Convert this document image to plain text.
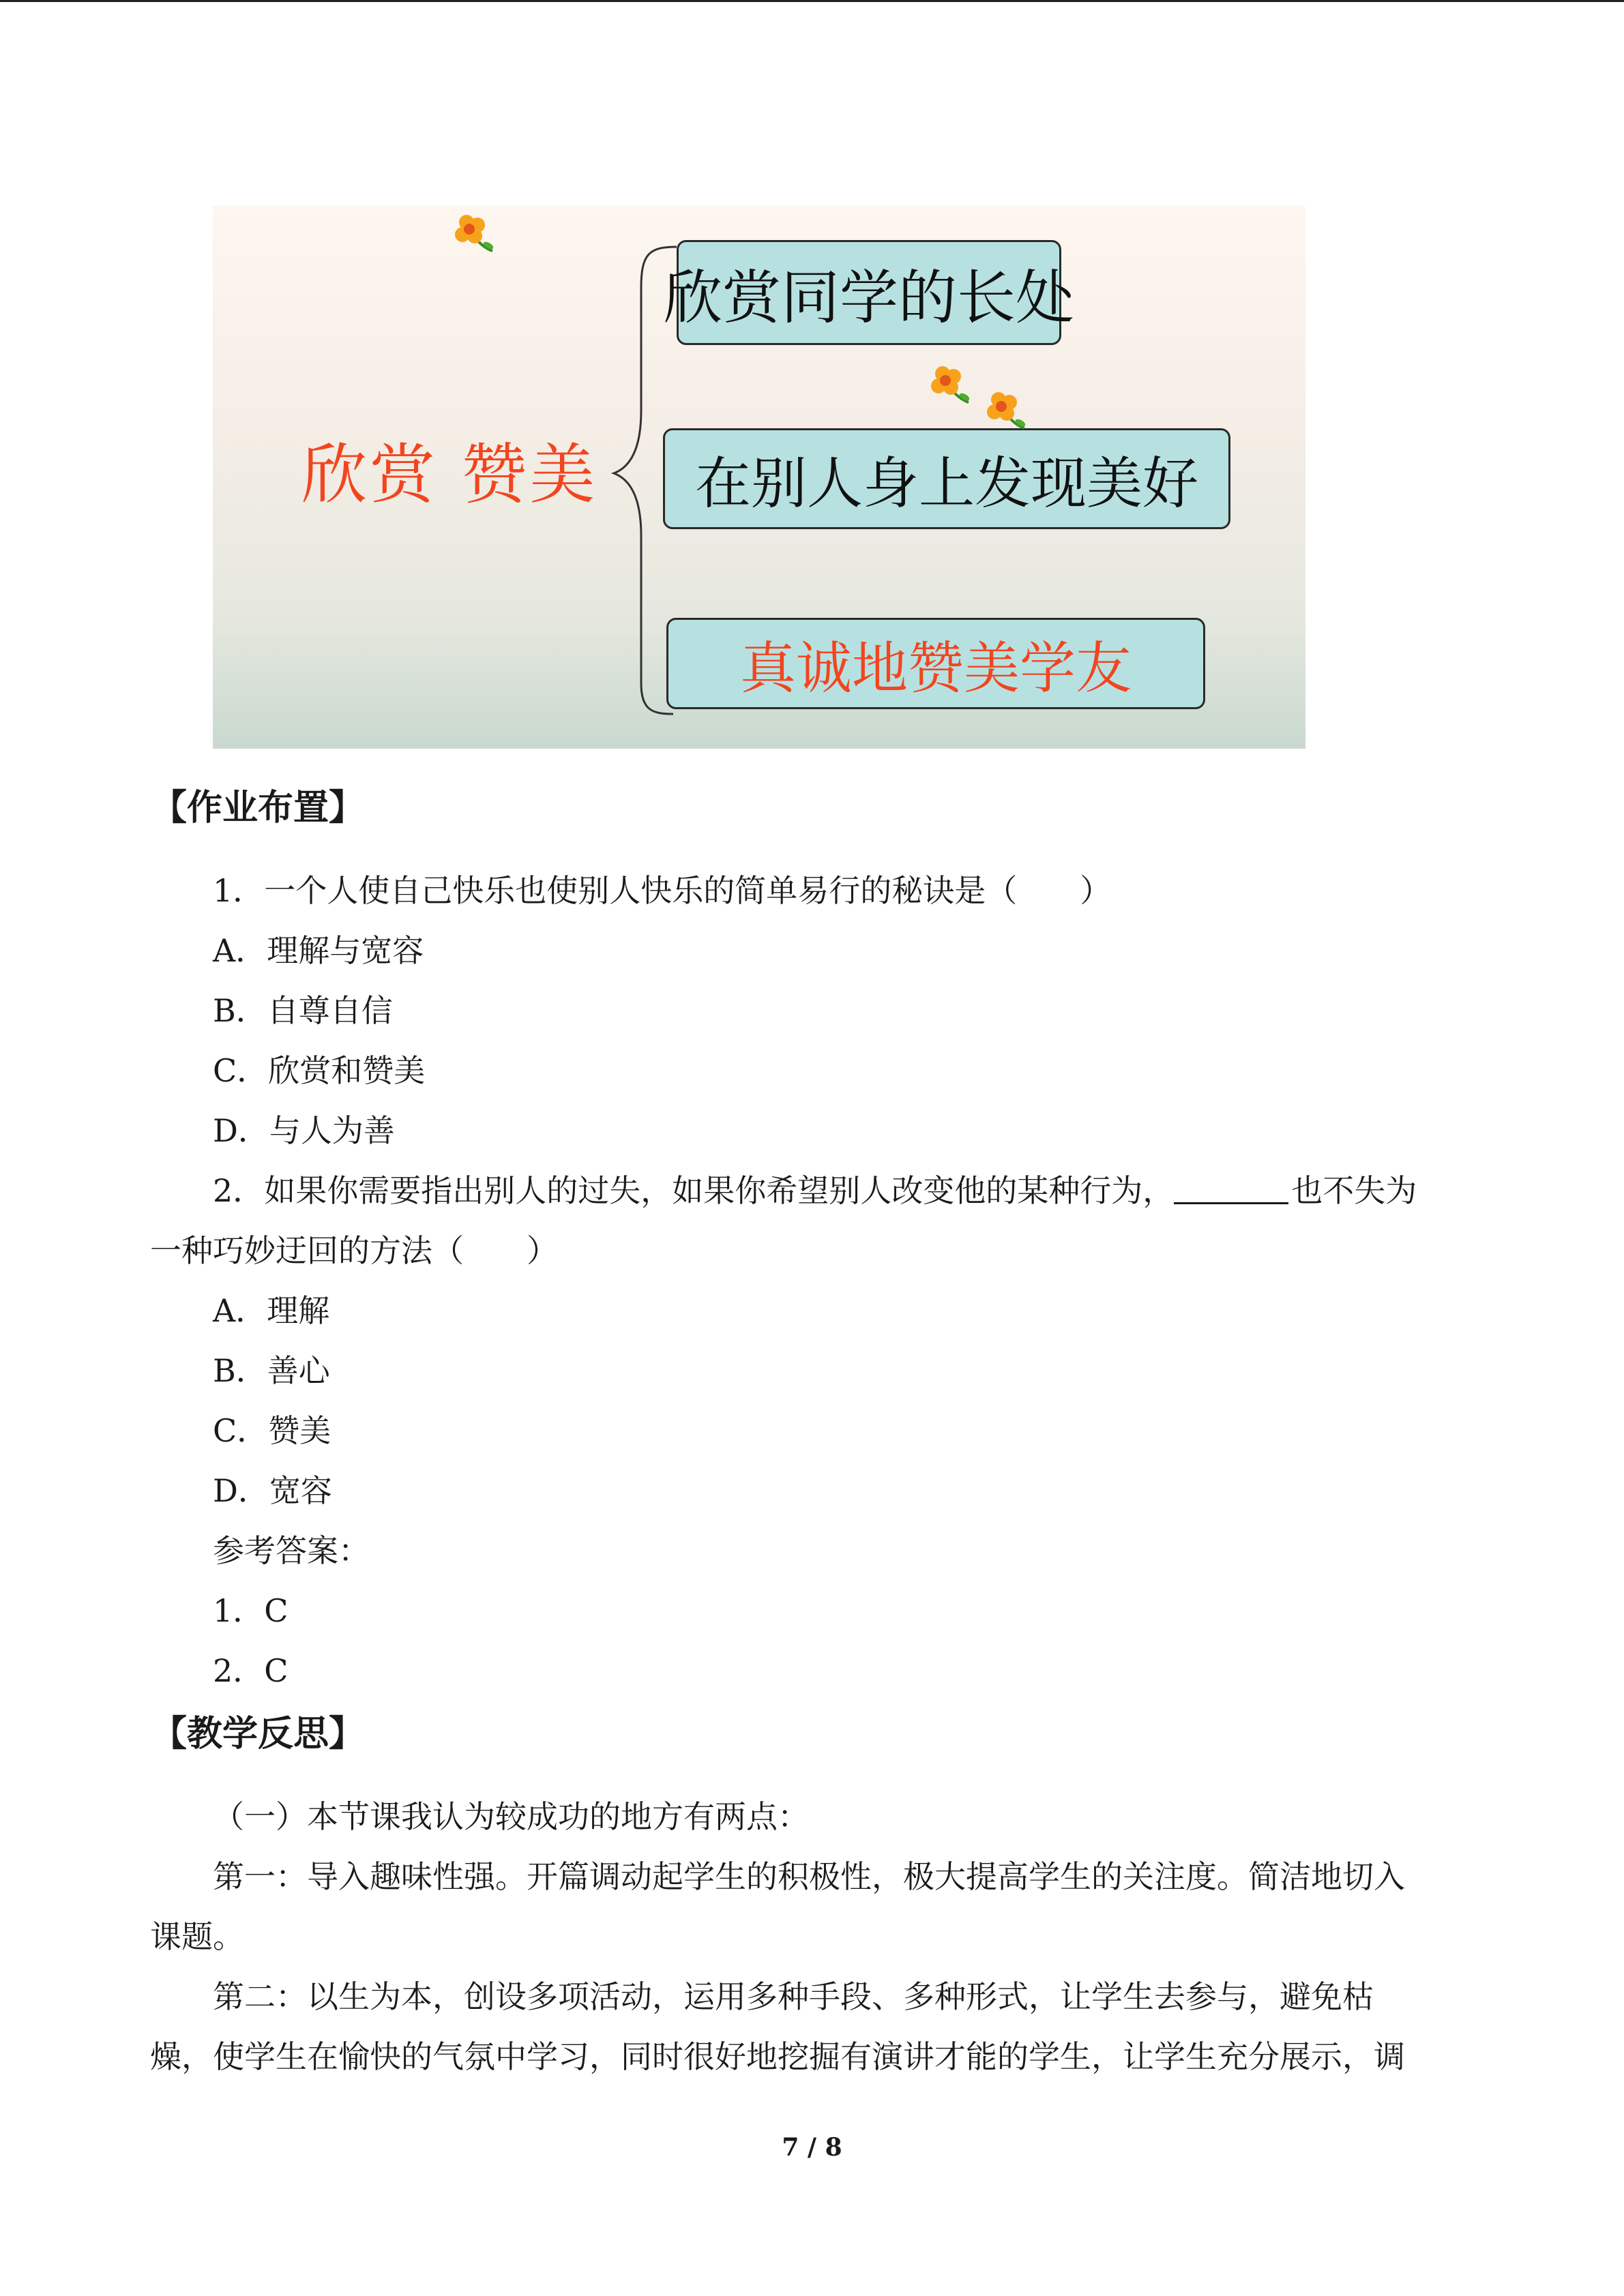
欣赏 赞美
欣赏同学的长处
在别人身上发现美好
真诚地赞美学友
【作业布置】
1．一个人使自己快乐也使别人快乐的简单易行的秘诀是（　　）
A．理解与宽容
B．自尊自信
C．欣赏和赞美
D．与人为善
2．如果你需要指出别人的过失，如果你希望别人改变他的某种行为，	也不失为
一种巧妙迂回的方法（　　）
A．理解
B．善心
C．赞美
D．宽容
参考答案：
1．C
2．C
【教学反思】
（一）本节课我认为较成功的地方有两点：
第一：导入趣味性强。开篇调动起学生的积极性，极大提高学生的关注度。简洁地切入
课题。
第二：以生为本，创设多项活动，运用多种手段、多种形式，让学生去参与，避免枯
燥，使学生在愉快的气氛中学习，同时很好地挖掘有演讲才能的学生，让学生充分展示，调
7 / 8
